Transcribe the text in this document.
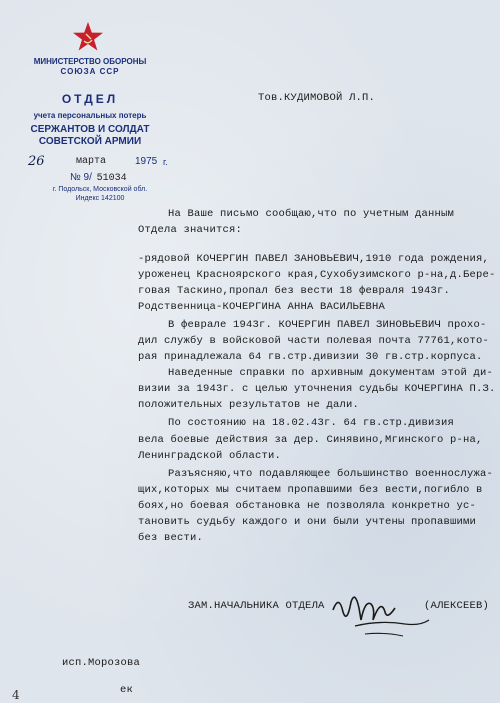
МИНИСТЕРСТВО ОБОРОНЫ
СОЮЗА ССР
ОТДЕЛ
учета персональных потерь
СЕРЖАНТОВ И СОЛДАТ
СОВЕТСКОЙ АРМИИ
26	марта	1975 г.
№ 9/ 51034
г. Подольск, Московской обл.
Индекс 142100
Тов.КУДИМОВОЙ Л.П.
На Ваше письмо сообщаю,что по учетным данным
Отдела значится:
-рядовой КОЧЕРГИН ПАВЕЛ ЗАНОВЬЕВИЧ,1910 года рождения,
уроженец Красноярского края,Сухобузимского р-на,д.Бере-
говая Таскино,пропал без вести 18 февраля 1943г.
Родственница-КОЧЕРГИНА АННА ВАСИЛЬЕВНА
В феврале 1943г. КОЧЕРГИН ПАВЕЛ ЗИНОВЬЕВИЧ прохо-
дил службу в войсковой части полевая почта 77761,кото-
рая принадлежала 64 гв.стр.дивизии 30 гв.стр.корпуса.
Наведенные справки по архивным документам этой ди-
визии за 1943г. с целью уточнения судьбы КОЧЕРГИНА П.З.
положительных результатов не дали.
По состоянию на 18.02.43г. 64 гв.стр.дивизия
вела боевые действия за дер. Синявино,Мгинского р-на,
Ленинградской области.
Разъясняю,что подавляющее большинство военнослужа-
щих,которых мы считаем пропавшими без вести,погибло в
боях,но боевая обстановка не позволяла конкретно ус-
тановить судьбу каждого и они были учтены пропавшими
без вести.
ЗАМ.НАЧАЛЬНИКА ОТДЕЛА	(АЛЕКСЕЕВ)
исп.Морозова
ек
4
